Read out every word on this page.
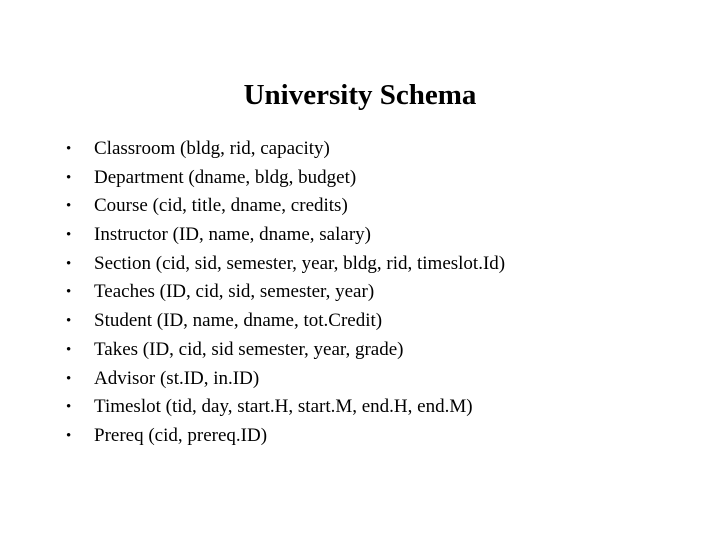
University Schema
•	Classroom (bldg, rid, capacity)
•	Department (dname, bldg, budget)
•	Course (cid, title, dname, credits)
•	Instructor (ID, name, dname, salary)
•	Section (cid, sid, semester, year, bldg, rid, timeslot.Id)
•	Teaches (ID, cid, sid, semester, year)
•	Student (ID, name, dname, tot.Credit)
•	Takes (ID, cid, sid semester, year, grade)
•	Advisor (st.ID, in.ID)
•	Timeslot (tid, day, start.H, start.M, end.H, end.M)
•	Prereq (cid, prereq.ID)
